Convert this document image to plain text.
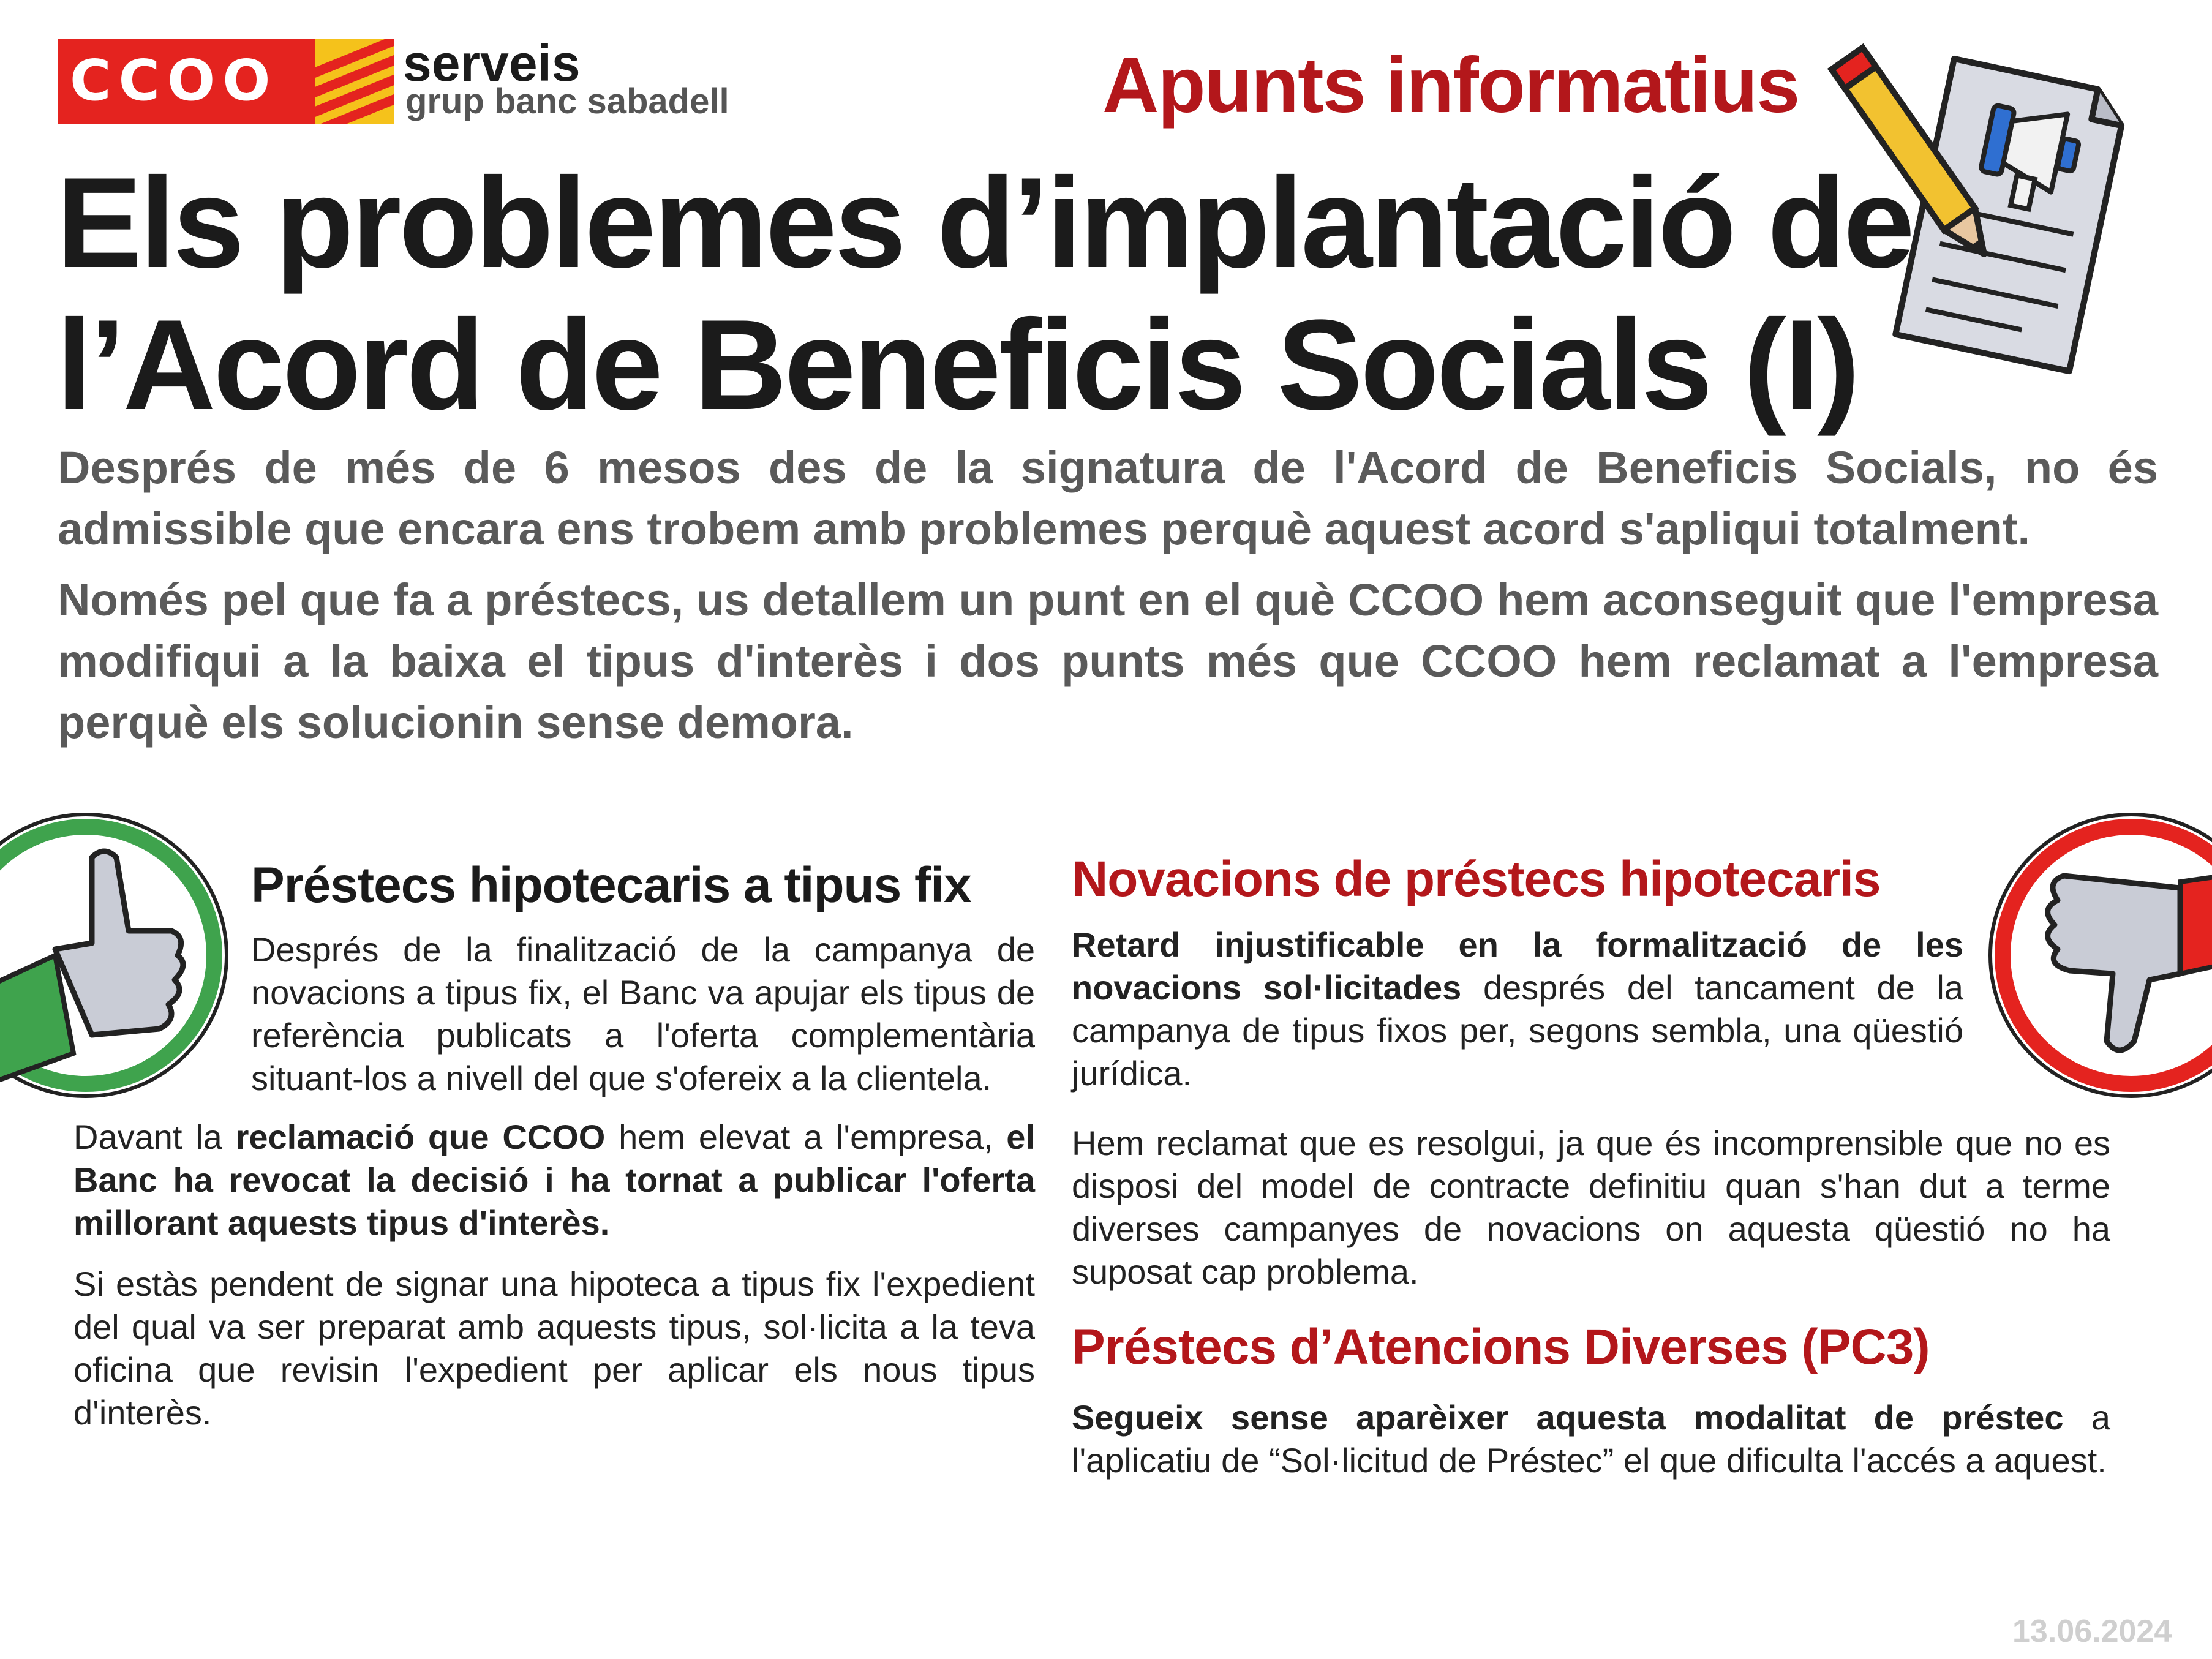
CCOO serveis
grup banc sabadell	Apunts informatius
Els problemes d’implantació de
l’Acord de Beneficis Socials (I)
Després de més de 6 mesos des de la signatura de l'Acord de Beneficis Socials, no és admissible que encara ens trobem amb problemes perquè aquest acord s'apliqui totalment.
Només pel que fa a préstecs, us detallem un punt en el què CCOO hem aconseguit que l'empresa modifiqui a la baixa el tipus d'interès i dos punts més que CCOO hem reclamat a l'empresa perquè els solucionin sense demora.
Préstecs hipotecaris a tipus fix
Després de la finalització de la campanya de novacions a tipus fix, el Banc va apujar els tipus de referència publicats a l'oferta complementària situant-los a nivell del que s'ofereix a la clientela.
Davant la reclamació que CCOO hem elevat a l'empresa, el Banc ha revocat la decisió i ha tornat a publicar l'oferta millorant aquests tipus d'interès.
Si estàs pendent de signar una hipoteca a tipus fix l'expedient del qual va ser preparat amb aquests tipus, sol·licita a la teva oficina que revisin l'expedient per aplicar els nous tipus d'interès.
Novacions de préstecs hipotecaris
Retard injustificable en la formalització de les novacions sol·licitades després del tancament de la campanya de tipus fixos per, segons sembla, una qüestió jurídica.
Hem reclamat que es resolgui, ja que és incomprensible que no es disposi del model de contracte definitiu quan s'han dut a terme diverses campanyes de novacions on aquesta qüestió no ha suposat cap problema.
Préstecs d’Atencions Diverses (PC3)
Segueix sense aparèixer aquesta modalitat de préstec a l'aplicatiu de “Sol·licitud de Préstec” el que dificulta l'accés a aquest.
13.06.2024
